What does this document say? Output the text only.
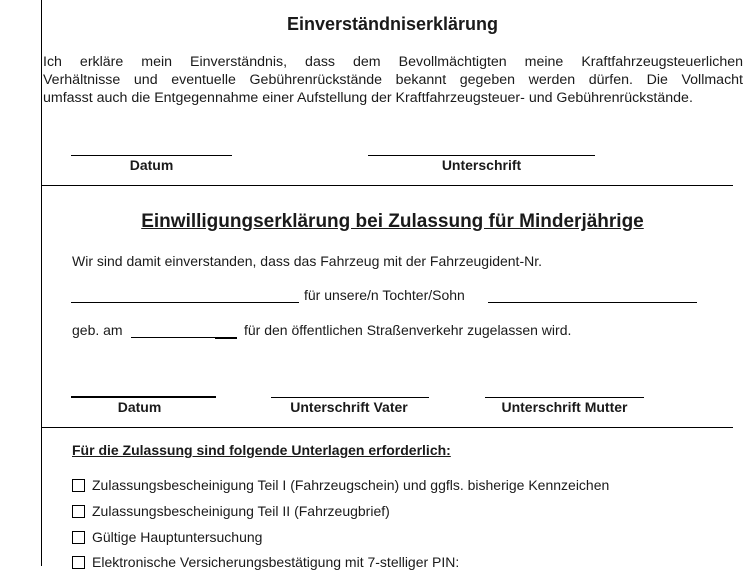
Einverständniserklärung
Ich erkläre mein Einverständnis, dass dem Bevollmächtigten meine Kraftfahrzeugsteuerlichen
Verhältnisse und eventuelle Gebührenrückstände bekannt gegeben werden dürfen. Die Vollmacht
umfasst auch die Entgegennahme einer Aufstellung der Kraftfahrzeugsteuer- und Gebührenrückstände.
Datum	Unterschrift
Einwilligungserklärung bei Zulassung für Minderjährige
Wir sind damit einverstanden, dass das Fahrzeug mit der Fahrzeugident-Nr.
für unsere/n Tochter/Sohn
geb. am	für den öffentlichen Straßenverkehr zugelassen wird.
Datum	Unterschrift Vater	Unterschrift Mutter
Für die Zulassung sind folgende Unterlagen erforderlich:
Zulassungsbescheinigung Teil I (Fahrzeugschein) und ggfls. bisherige Kennzeichen
Zulassungsbescheinigung Teil II (Fahrzeugbrief)
Gültige Hauptuntersuchung
Elektronische Versicherungsbestätigung mit 7-stelliger PIN:
